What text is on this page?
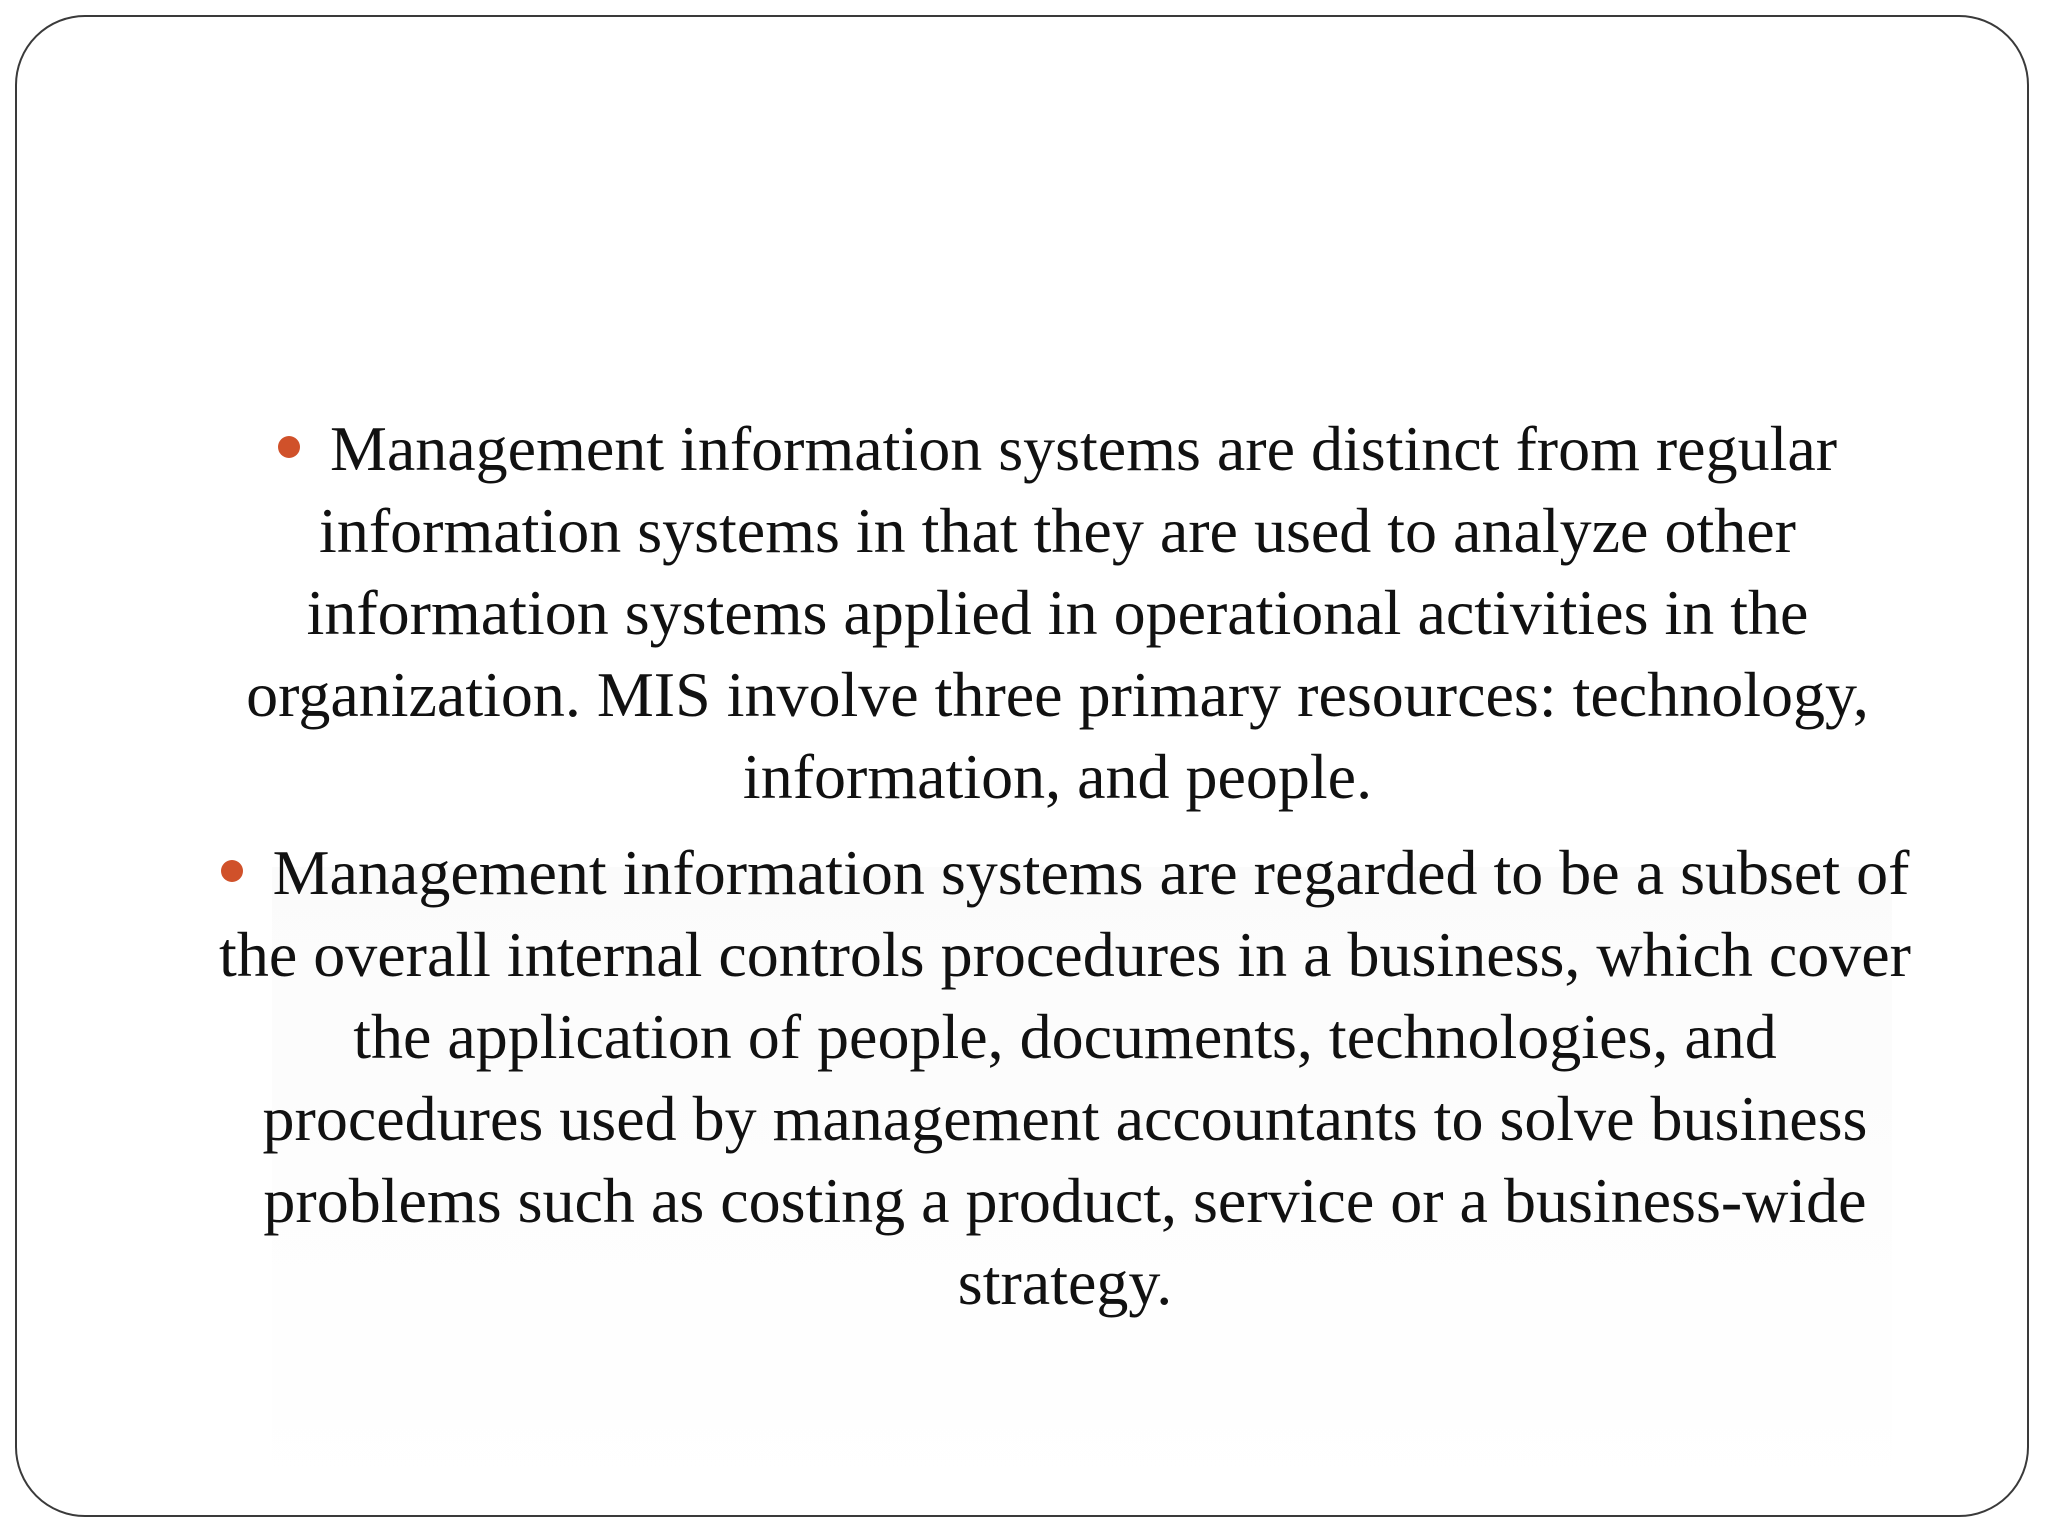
Management information systems are distinct from regular information systems in that they are used to analyze other information systems applied in operational activities in the organization. MIS involve three primary resources: technology, information, and people.

Management information systems are regarded to be a subset of the overall internal controls procedures in a business, which cover the application of people, documents, technologies, and procedures used by management accountants to solve business problems such as costing a product, service or a business-wide strategy.
